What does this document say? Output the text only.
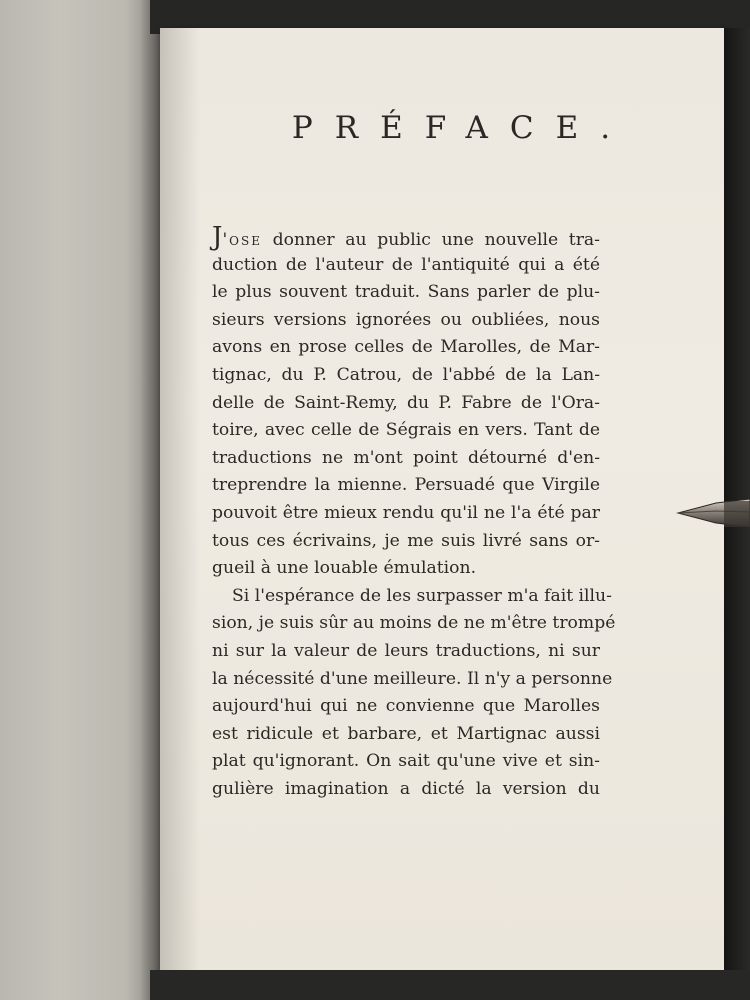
PRÉFACE.
J'ose donner au public une nouvelle tra-
duction de l'auteur de l'antiquité qui a été
le plus souvent traduit. Sans parler de plu-
sieurs versions ignorées ou oubliées, nous
avons en prose celles de Marolles, de Mar-
tignac, du P. Catrou, de l'abbé de la Lan-
delle de Saint-Remy, du P. Fabre de l'Ora-
toire, avec celle de Ségrais en vers. Tant de
traductions ne m'ont point détourné d'en-
treprendre la mienne. Persuadé que Virgile
pouvoit être mieux rendu qu'il ne l'a été par
tous ces écrivains, je me suis livré sans or-
gueil à une louable émulation.
Si l'espérance de les surpasser m'a fait illu-
sion, je suis sûr au moins de ne m'être trompé
ni sur la valeur de leurs traductions, ni sur
la nécessité d'une meilleure. Il n'y a personne
aujourd'hui qui ne convienne que Marolles
est ridicule et barbare, et Martignac aussi
plat qu'ignorant. On sait qu'une vive et sin-
gulière imagination a dicté la version du
